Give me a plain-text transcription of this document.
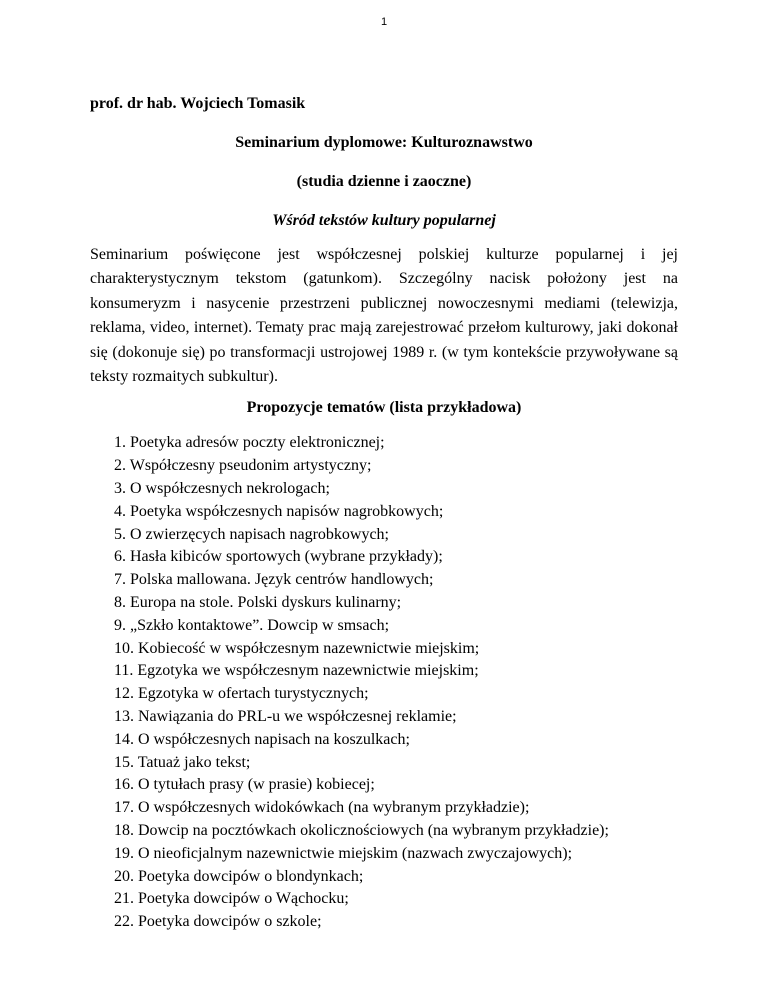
1

prof. dr hab. Wojciech Tomasik

Seminarium dyplomowe: Kulturoznawstwo

(studia dzienne i zaoczne)

Wśród tekstów kultury popularnej

Seminarium poświęcone jest współczesnej polskiej kulturze popularnej i jej charakterystycznym tekstom (gatunkom). Szczególny nacisk położony jest na konsumeryzm i nasycenie przestrzeni publicznej nowoczesnymi mediami (telewizja, reklama, video, internet). Tematy prac mają zarejestrować przełom kulturowy, jaki dokonał się (dokonuje się) po transformacji ustrojowej 1989 r. (w tym kontekście przywoływane są teksty rozmaitych subkultur).

Propozycje tematów (lista przykładowa)

1. Poetyka adresów poczty elektronicznej;
2. Współczesny pseudonim artystyczny;
3. O współczesnych nekrologach;
4. Poetyka współczesnych napisów nagrobkowych;
5. O zwierzęcych napisach nagrobkowych;
6. Hasła kibiców sportowych (wybrane przykłady);
7. Polska mallowana. Język centrów handlowych;
8. Europa na stole. Polski dyskurs kulinarny;
9. „Szkło kontaktowe”. Dowcip w smsach;
10. Kobiecość w współczesnym nazewnictwie miejskim;
11. Egzotyka we współczesnym nazewnictwie miejskim;
12. Egzotyka w ofertach turystycznych;
13. Nawiązania do PRL-u we współczesnej reklamie;
14. O współczesnych napisach na koszulkach;
15. Tatuaż jako tekst;
16. O tytułach prasy (w prasie) kobiecej;
17. O współczesnych widokówkach (na wybranym przykładzie);
18. Dowcip na pocztówkach okolicznościowych (na wybranym przykładzie);
19. O nieoficjalnym nazewnictwie miejskim (nazwach zwyczajowych);
20. Poetyka dowcipów o blondynkach;
21. Poetyka dowcipów o Wąchocku;
22. Poetyka dowcipów o szkole;
